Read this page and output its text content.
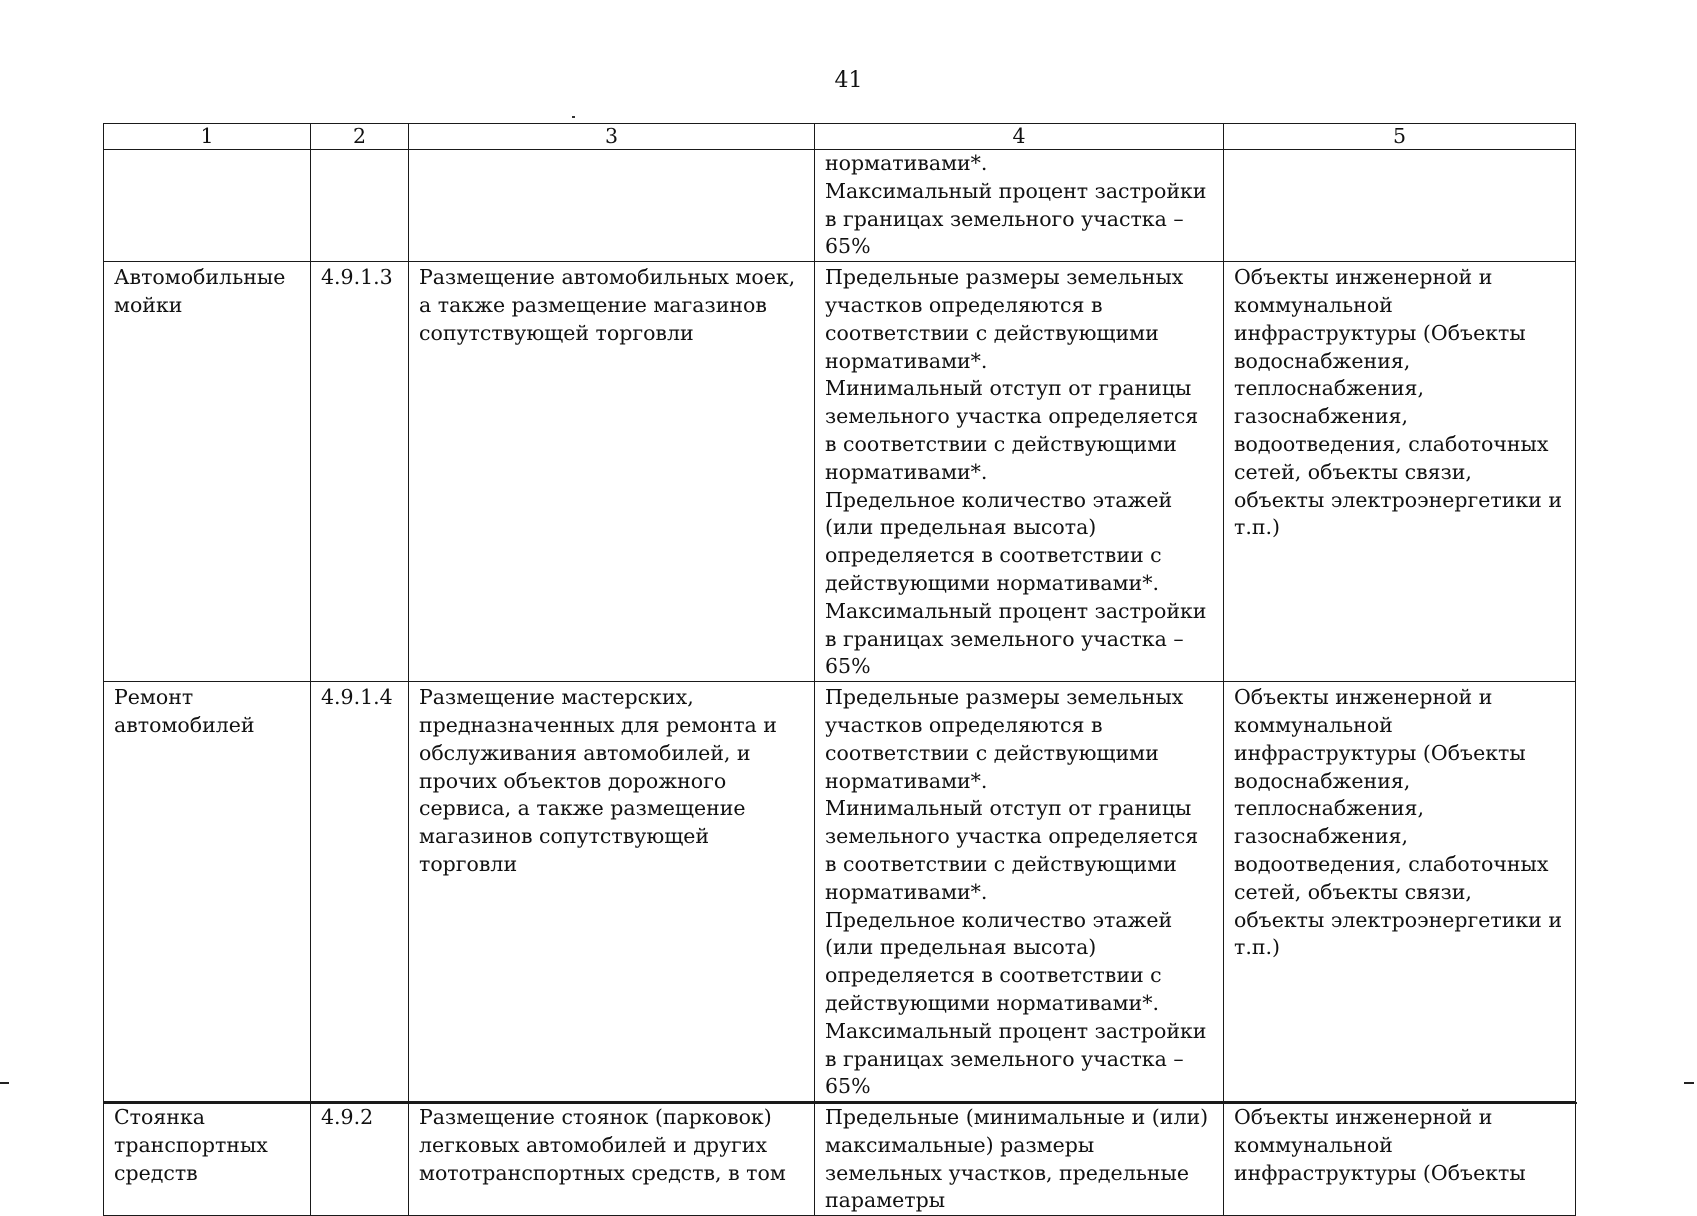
41
1	2	3	4	5
			нормативами*.
Максимальный процент застройки в границах земельного участка – 65%	
Автомобильные мойки	4.9.1.3	Размещение автомобильных моек, а также размещение магазинов сопутствующей торговли	Предельные размеры земельных участков определяются в соответствии с действующими нормативами*.
Минимальный отступ от границы земельного участка определяется в соответствии с действующими нормативами*.
Предельное количество этажей (или предельная высота) определяется в соответствии с действующими нормативами*.
Максимальный процент застройки в границах земельного участка – 65%	Объекты инженерной и коммунальной инфраструктуры (Объекты водоснабжения, теплоснабжения, газоснабжения, водоотведения, слаботочных сетей, объекты связи, объекты электроэнергетики и т.п.)
Ремонт автомобилей	4.9.1.4	Размещение мастерских, предназначенных для ремонта и обслуживания автомобилей, и прочих объектов дорожного сервиса, а также размещение магазинов сопутствующей торговли	Предельные размеры земельных участков определяются в соответствии с действующими нормативами*.
Минимальный отступ от границы земельного участка определяется в соответствии с действующими нормативами*.
Предельное количество этажей (или предельная высота) определяется в соответствии с действующими нормативами*.
Максимальный процент застройки в границах земельного участка – 65%	Объекты инженерной и коммунальной инфраструктуры (Объекты водоснабжения, теплоснабжения, газоснабжения, водоотведения, слаботочных сетей, объекты связи, объекты электроэнергетики и т.п.)
Стоянка транспортных средств	4.9.2	Размещение стоянок (парковок) легковых автомобилей и других мототранспортных средств, в том	Предельные (минимальные и (или) максимальные) размеры земельных участков, предельные параметры	Объекты инженерной и коммунальной инфраструктуры (Объекты
